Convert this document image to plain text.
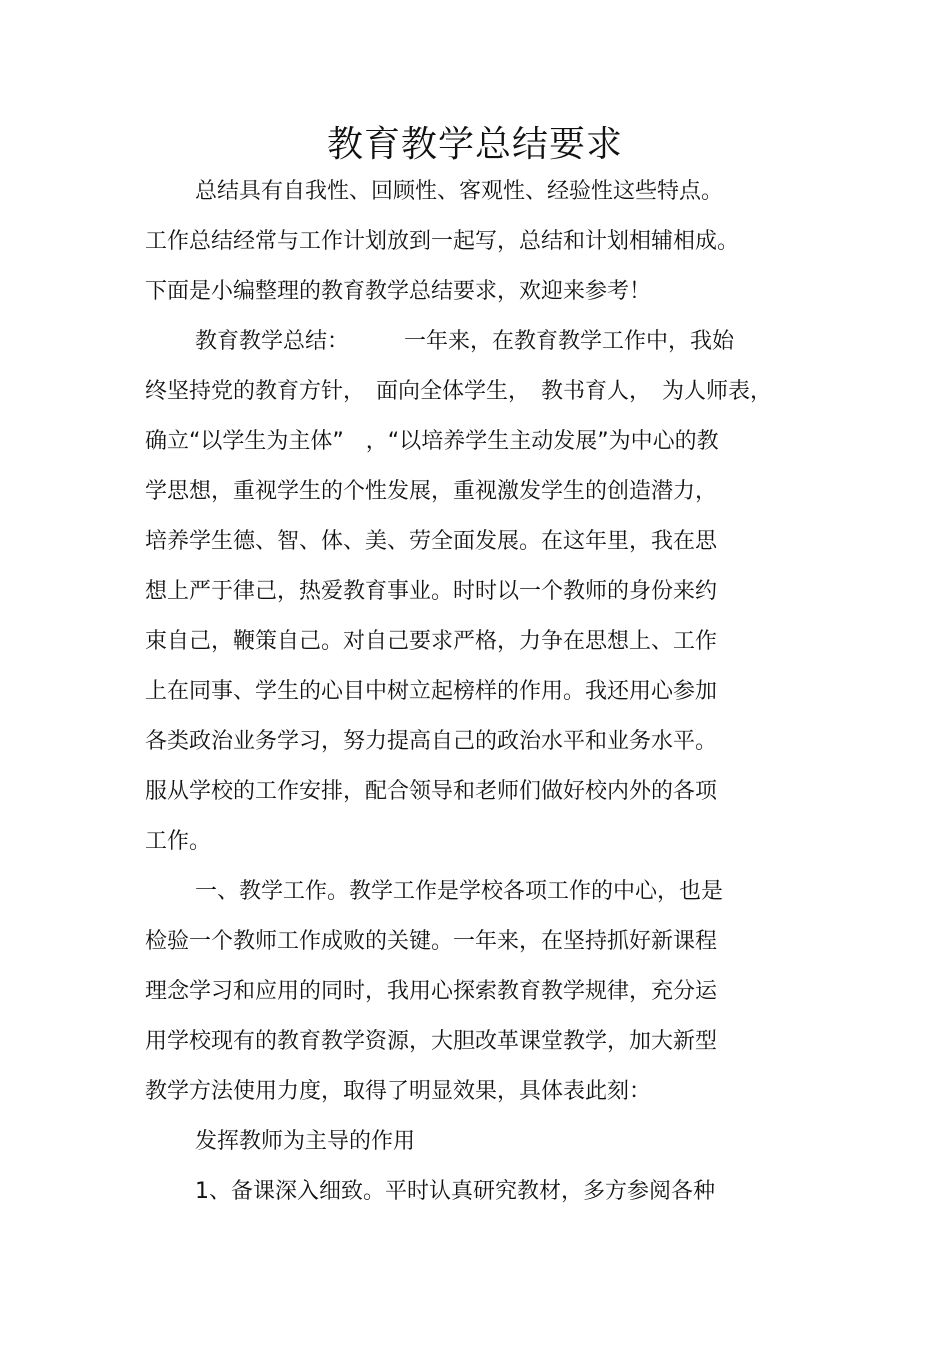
教育教学总结要求
总结具有自我性、回顾性、客观性、经验性这些特点。
工作总结经常与工作计划放到一起写，总结和计划相辅相成。
下面是小编整理的教育教学总结要求，欢迎来参考！
教育教学总结：　　　一年来，在教育教学工作中，我始
终坚持党的教育方针，　面向全体学生，　教书育人，　为人师表，
确立“以学生为主体”　，“以培养学生主动发展”为中心的教
学思想，重视学生的个性发展，重视激发学生的创造潜力，
培养学生德、智、体、美、劳全面发展。在这年里，我在思
想上严于律己，热爱教育事业。时时以一个教师的身份来约
束自己，鞭策自己。对自己要求严格，力争在思想上、工作
上在同事、学生的心目中树立起榜样的作用。我还用心参加
各类政治业务学习，努力提高自己的政治水平和业务水平。
服从学校的工作安排，配合领导和老师们做好校内外的各项
工作。
一、教学工作。教学工作是学校各项工作的中心，也是
检验一个教师工作成败的关键。一年来，在坚持抓好新课程
理念学习和应用的同时，我用心探索教育教学规律，充分运
用学校现有的教育教学资源，大胆改革课堂教学，加大新型
教学方法使用力度，取得了明显效果，具体表此刻：
发挥教师为主导的作用
1、备课深入细致。平时认真研究教材，多方参阅各种
